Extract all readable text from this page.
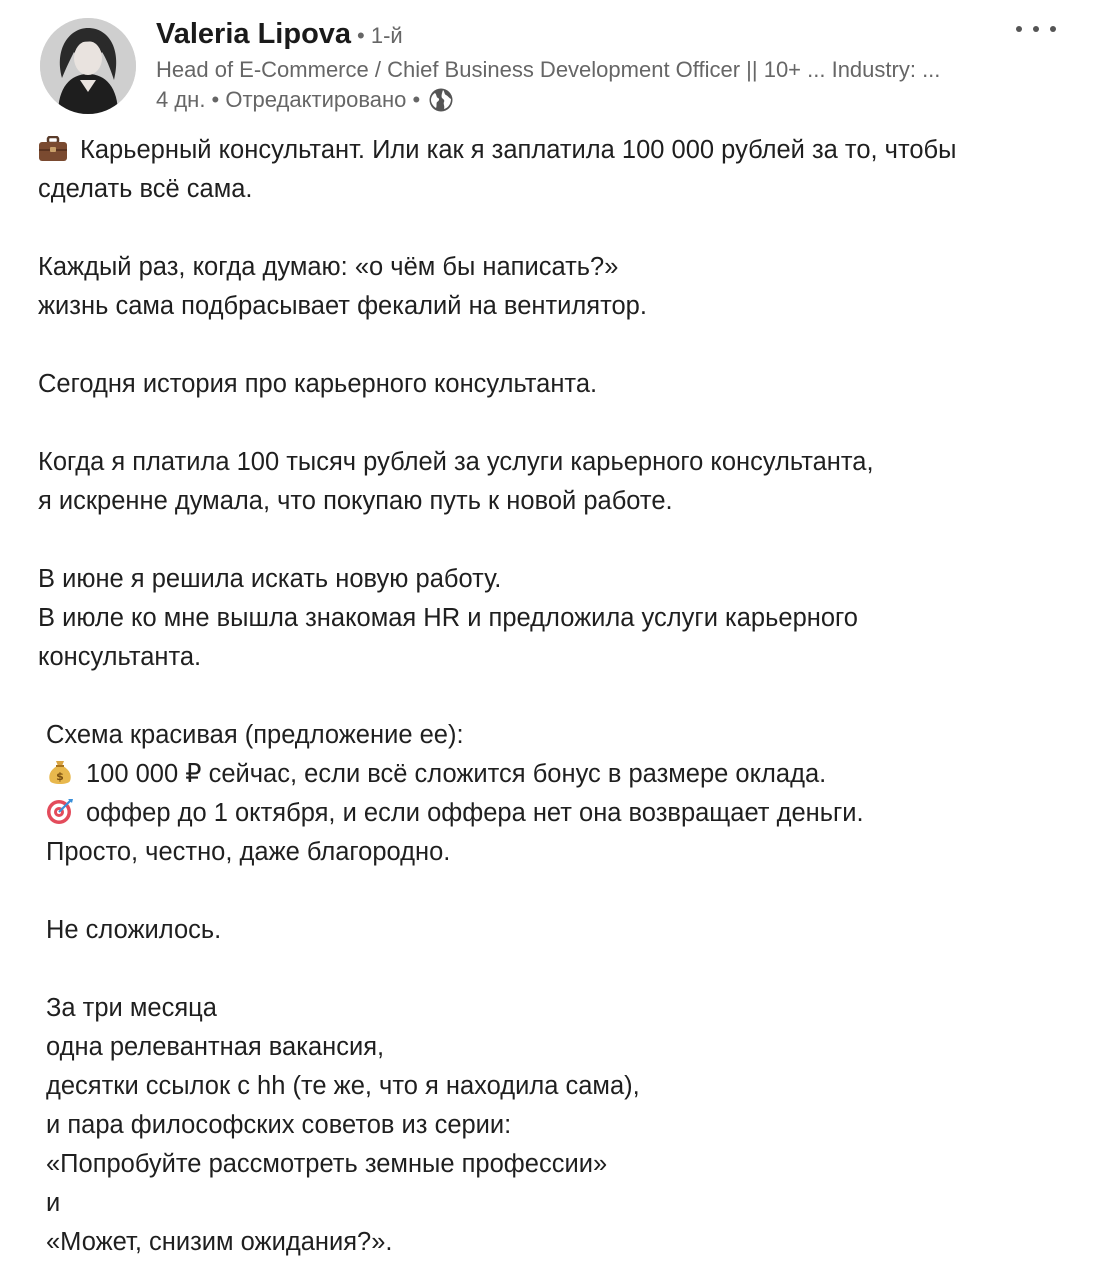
Valeria Lipova • 1-й
Head of E-Commerce / Chief Business Development Officer || 10+ ... Industry: ...
4 дн. • Отредактировано •
Карьерный консультант. Или как я заплатила 100 000 рублей за то, чтобы
сделать всё сама.
Каждый раз, когда думаю: «о чём бы написать?»
жизнь сама подбрасывает фекалий на вентилятор.
Сегодня история про карьерного консультанта.
Когда я платила 100 тысяч рублей за услуги карьерного консультанта,
я искренне думала, что покупаю путь к новой работе.
В июне я решила искать новую работу.
В июле ко мне вышла знакомая HR и предложила услуги карьерного
консультанта.
Схема красивая (предложение ее):
$ 100 000 ₽ сейчас, если всё сложится бонус в размере оклада.
оффер до 1 октября, и если оффера нет она возвращает деньги.
Просто, честно, даже благородно.
Не сложилось.
За три месяца
одна релевантная вакансия,
десятки ссылок с hh (те же, что я находила сама),
и пара философских советов из серии:
«Попробуйте рассмотреть земные профессии»
и
«Может, снизим ожидания?».
